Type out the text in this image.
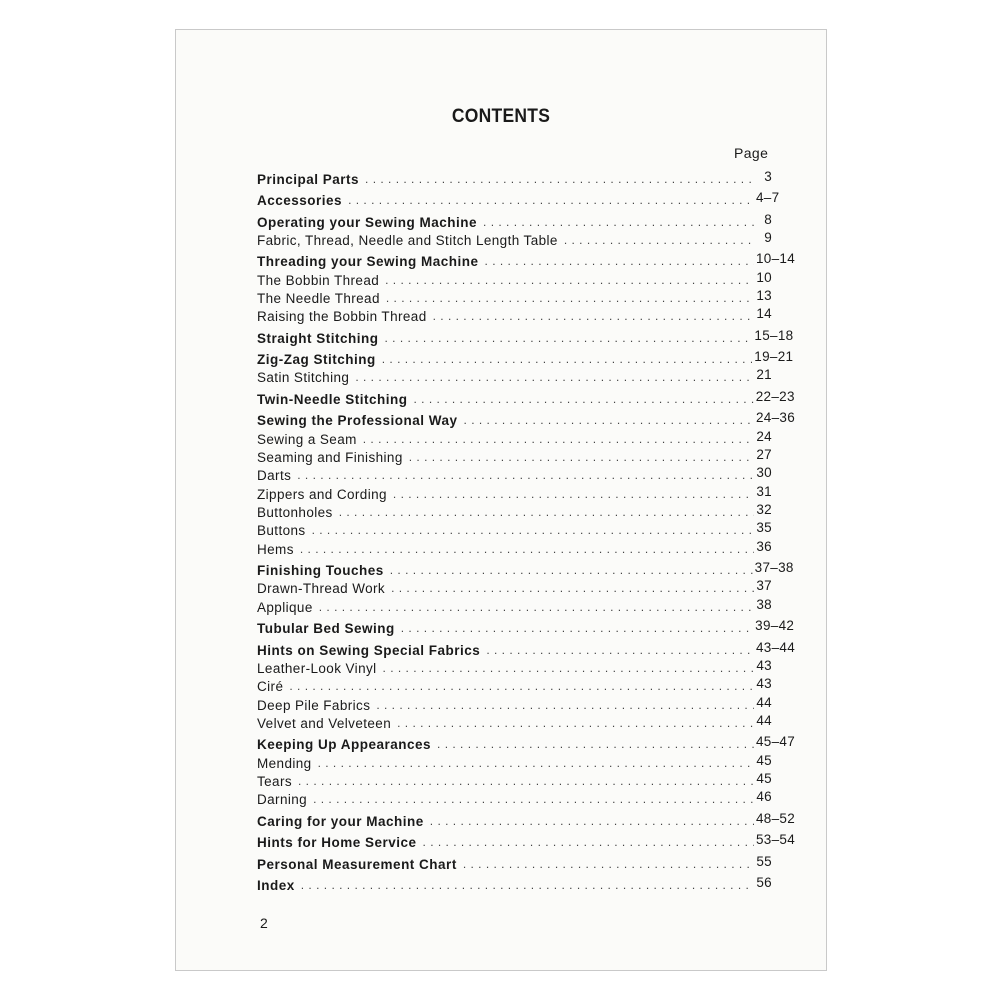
CONTENTS
Page
Principal Parts . . .	3
Accessories . . .	4–7
Operating your Sewing Machine . . .	8
Fabric, Thread, Needle and Stitch Length Table . . .	9
Threading your Sewing Machine . . .	10–14
The Bobbin Thread . . .	10
The Needle Thread . . .	13
Raising the Bobbin Thread . . .	14
Straight Stitching . . .	15–18
Zig-Zag Stitching . . .	19–21
Satin Stitching . . .	21
Twin-Needle Stitching . . .	22–23
Sewing the Professional Way . . .	24–36
Sewing a Seam . . .	24
Seaming and Finishing . . .	27
Darts . . .	30
Zippers and Cording . . .	31
Buttonholes . . .	32
Buttons . . .	35
Hems . . .	36
Finishing Touches . . .	37–38
Drawn-Thread Work . . .	37
Applique . . .	38
Tubular Bed Sewing . . .	39–42
Hints on Sewing Special Fabrics . . .	43–44
Leather-Look Vinyl . . .	43
Ciré . . .	43
Deep Pile Fabrics . . .	44
Velvet and Velveteen . . .	44
Keeping Up Appearances . . .	45–47
Mending . . .	45
Tears . . .	45
Darning . . .	46
Caring for your Machine . . .	48–52
Hints for Home Service . . .	53–54
Personal Measurement Chart . . .	55
Index . . .	56
2
